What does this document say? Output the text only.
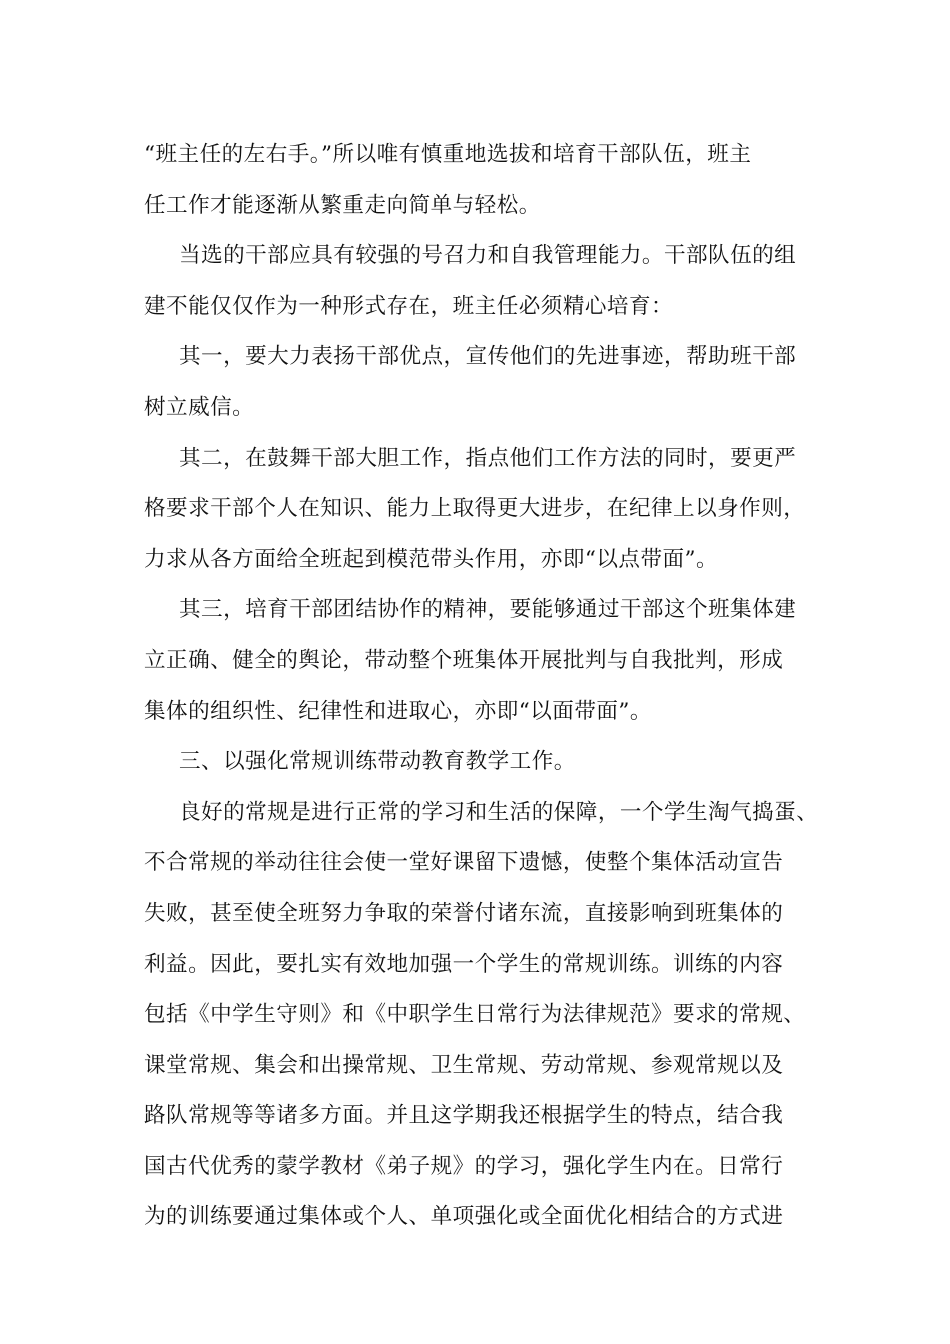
“班主任的左右手。”所以唯有慎重地选拔和培育干部队伍，班主
任工作才能逐渐从繁重走向简单与轻松。
当选的干部应具有较强的号召力和自我管理能力。干部队伍的组
建不能仅仅作为一种形式存在，班主任必须精心培育：
其一，要大力表扬干部优点，宣传他们的先进事迹，帮助班干部
树立威信。
其二，在鼓舞干部大胆工作，指点他们工作方法的同时，要更严
格要求干部个人在知识、能力上取得更大进步，在纪律上以身作则，
力求从各方面给全班起到模范带头作用，亦即“以点带面”。
其三，培育干部团结协作的精神，要能够通过干部这个班集体建
立正确、健全的舆论，带动整个班集体开展批判与自我批判，形成
集体的组织性、纪律性和进取心，亦即“以面带面”。
三、以强化常规训练带动教育教学工作。
良好的常规是进行正常的学习和生活的保障，一个学生淘气捣蛋、
不合常规的举动往往会使一堂好课留下遗憾，使整个集体活动宣告
失败，甚至使全班努力争取的荣誉付诸东流，直接影响到班集体的
利益。因此，要扎实有效地加强一个学生的常规训练。训练的内容
包括《中学生守则》和《中职学生日常行为法律规范》要求的常规、
课堂常规、集会和出操常规、卫生常规、劳动常规、参观常规以及
路队常规等等诸多方面。并且这学期我还根据学生的特点，结合我
国古代优秀的蒙学教材《弟子规》的学习，强化学生内在。日常行
为的训练要通过集体或个人、单项强化或全面优化相结合的方式进
